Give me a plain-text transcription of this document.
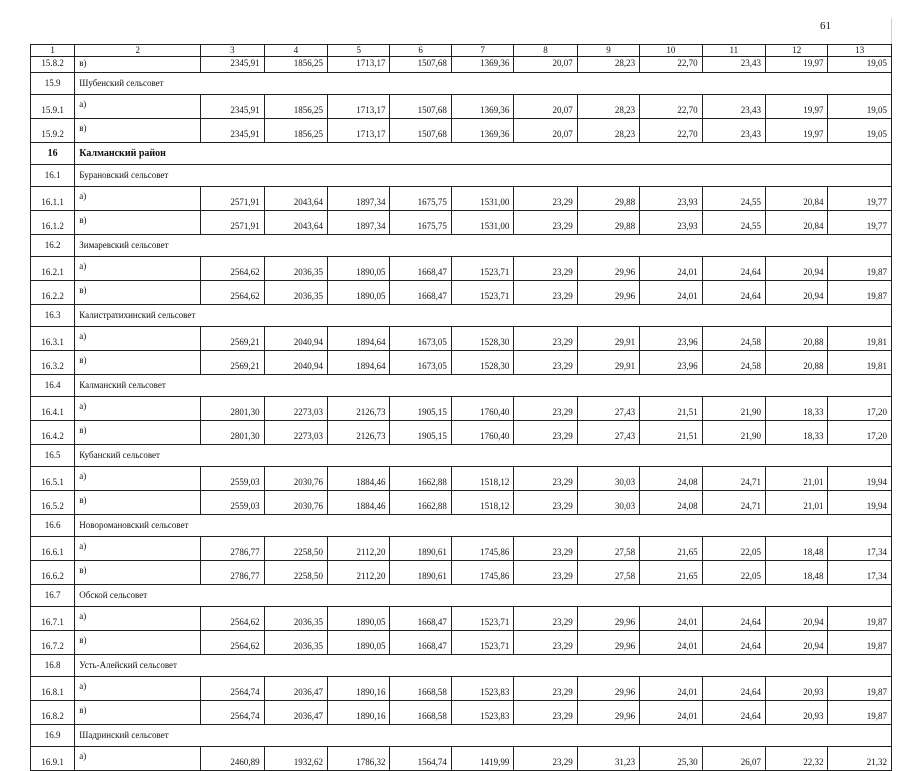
61
1	2	3	4	5	6	7	8	9	10	11	12	13
15.8.2	в)	2345,91	1856,25	1713,17	1507,68	1369,36	20,07	28,23	22,70	23,43	19,97	19,05
15.9	Шубенский сельсовет											
15.9.1	а)	2345,91	1856,25	1713,17	1507,68	1369,36	20,07	28,23	22,70	23,43	19,97	19,05
15.9.2	в)	2345,91	1856,25	1713,17	1507,68	1369,36	20,07	28,23	22,70	23,43	19,97	19,05
16	Калманский район											
16.1	Бурановский сельсовет											
16.1.1	а)	2571,91	2043,64	1897,34	1675,75	1531,00	23,29	29,88	23,93	24,55	20,84	19,77
16.1.2	в)	2571,91	2043,64	1897,34	1675,75	1531,00	23,29	29,88	23,93	24,55	20,84	19,77
16.2	Зимаревский сельсовет											
16.2.1	а)	2564,62	2036,35	1890,05	1668,47	1523,71	23,29	29,96	24,01	24,64	20,94	19,87
16.2.2	в)	2564,62	2036,35	1890,05	1668,47	1523,71	23,29	29,96	24,01	24,64	20,94	19,87
16.3	Калистратихинский сельсовет											
16.3.1	а)	2569,21	2040,94	1894,64	1673,05	1528,30	23,29	29,91	23,96	24,58	20,88	19,81
16.3.2	в)	2569,21	2040,94	1894,64	1673,05	1528,30	23,29	29,91	23,96	24,58	20,88	19,81
16.4	Калманский сельсовет											
16.4.1	а)	2801,30	2273,03	2126,73	1905,15	1760,40	23,29	27,43	21,51	21,90	18,33	17,20
16.4.2	в)	2801,30	2273,03	2126,73	1905,15	1760,40	23,29	27,43	21,51	21,90	18,33	17,20
16.5	Кубанский сельсовет											
16.5.1	а)	2559,03	2030,76	1884,46	1662,88	1518,12	23,29	30,03	24,08	24,71	21,01	19,94
16.5.2	в)	2559,03	2030,76	1884,46	1662,88	1518,12	23,29	30,03	24,08	24,71	21,01	19,94
16.6	Новоромановский сельсовет											
16.6.1	а)	2786,77	2258,50	2112,20	1890,61	1745,86	23,29	27,58	21,65	22,05	18,48	17,34
16.6.2	в)	2786,77	2258,50	2112,20	1890,61	1745,86	23,29	27,58	21,65	22,05	18,48	17,34
16.7	Обской сельсовет											
16.7.1	а)	2564,62	2036,35	1890,05	1668,47	1523,71	23,29	29,96	24,01	24,64	20,94	19,87
16.7.2	в)	2564,62	2036,35	1890,05	1668,47	1523,71	23,29	29,96	24,01	24,64	20,94	19,87
16.8	Усть-Алейский сельсовет											
16.8.1	а)	2564,74	2036,47	1890,16	1668,58	1523,83	23,29	29,96	24,01	24,64	20,93	19,87
16.8.2	в)	2564,74	2036,47	1890,16	1668,58	1523,83	23,29	29,96	24,01	24,64	20,93	19,87
16.9	Шадринский сельсовет											
16.9.1	а)	2460,89	1932,62	1786,32	1564,74	1419,99	23,29	31,23	25,30	26,07	22,32	21,32
